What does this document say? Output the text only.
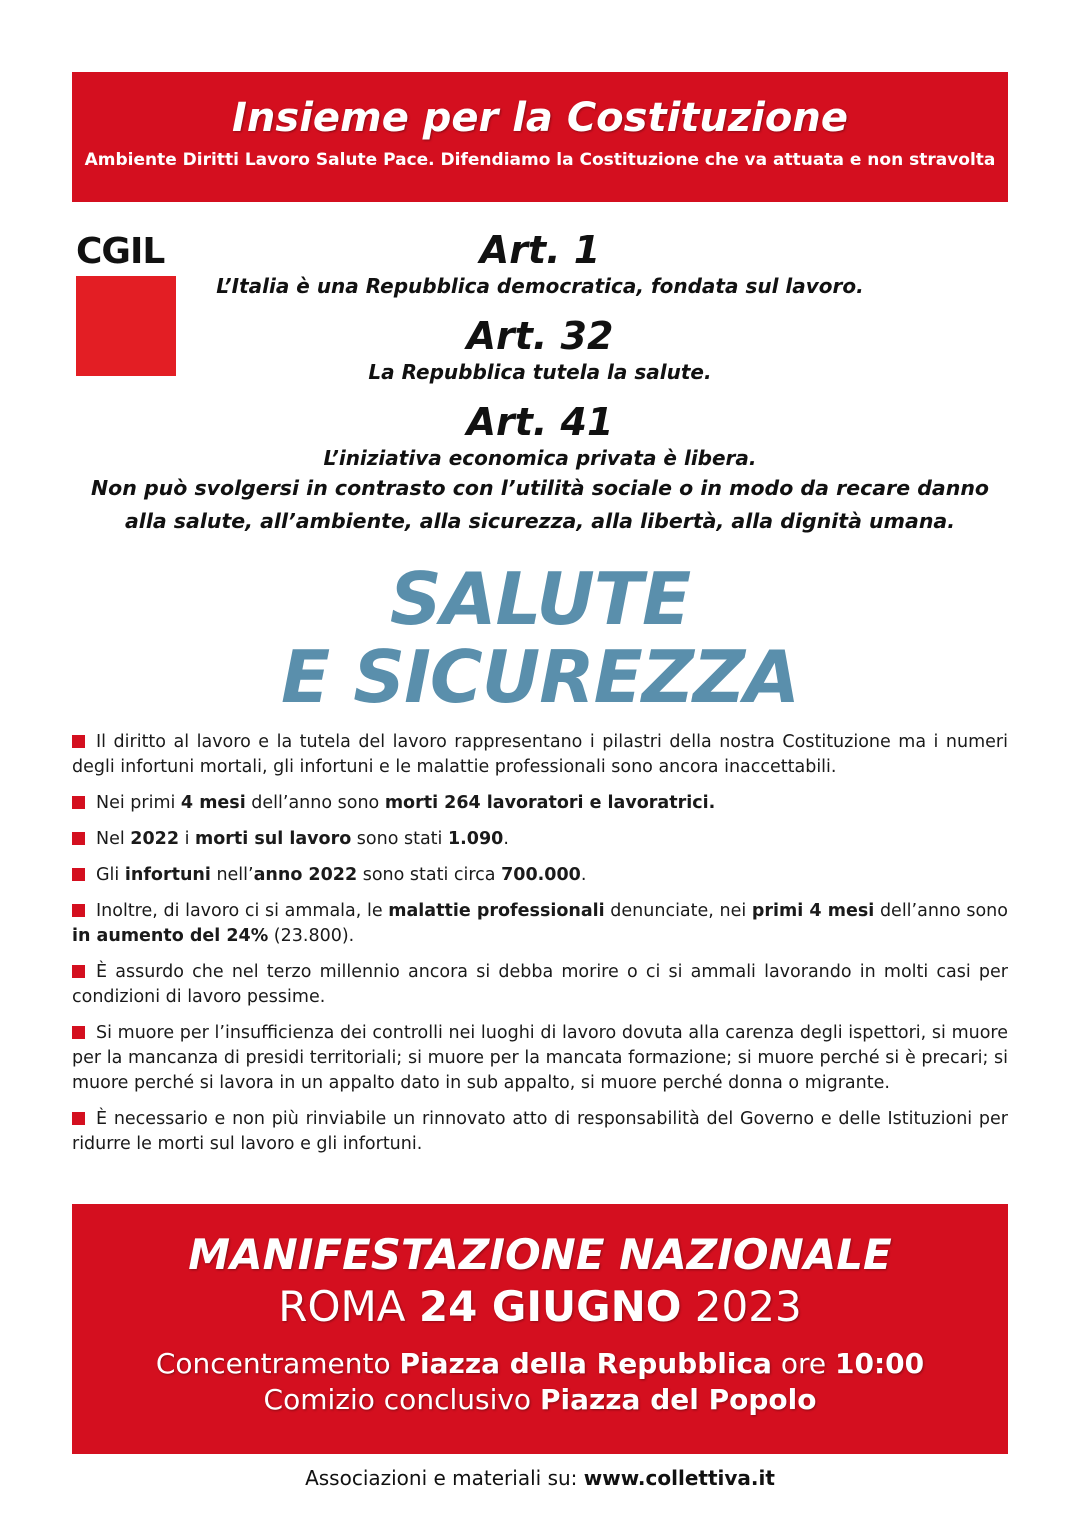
Insieme per la Costituzione
Ambiente Diritti Lavoro Salute Pace. Difendiamo la Costituzione che va attuata e non stravolta
CGIL	Art. 1
L’Italia è una Repubblica democratica, fondata sul lavoro.
Art. 32
La Repubblica tutela la salute.
Art. 41
L’iniziativa economica privata è libera.
Non può svolgersi in contrasto con l’utilità sociale o in modo da recare danno
alla salute, all’ambiente, alla sicurezza, alla libertà, alla dignità umana.
SALUTE
E SICUREZZA
Il diritto al lavoro e la tutela del lavoro rappresentano i pilastri della nostra Costituzione ma i numeri degli infortuni mortali, gli infortuni e le malattie professionali sono ancora inaccettabili.
Nei primi 4 mesi dell’anno sono morti 264 lavoratori e lavoratrici.
Nel 2022 i morti sul lavoro sono stati 1.090.
Gli infortuni nell’anno 2022 sono stati circa 700.000.
Inoltre, di lavoro ci si ammala, le malattie professionali denunciate, nei primi 4 mesi dell’anno sono in aumento del 24% (23.800).
È assurdo che nel terzo millennio ancora si debba morire o ci si ammali lavorando in molti casi per condizioni di lavoro pessime.
Si muore per l’insufficienza dei controlli nei luoghi di lavoro dovuta alla carenza degli ispettori, si muore per la mancanza di presidi territoriali; si muore per la mancata formazione; si muore perché si è precari; si muore perché si lavora in un appalto dato in sub appalto, si muore perché donna o migrante.
È necessario e non più rinviabile un rinnovato atto di responsabilità del Governo e delle Istituzioni per ridurre le morti sul lavoro e gli infortuni.
MANIFESTAZIONE NAZIONALE
ROMA 24 GIUGNO 2023
Concentramento Piazza della Repubblica ore 10:00
Comizio conclusivo Piazza del Popolo
Associazioni e materiali su: www.collettiva.it
